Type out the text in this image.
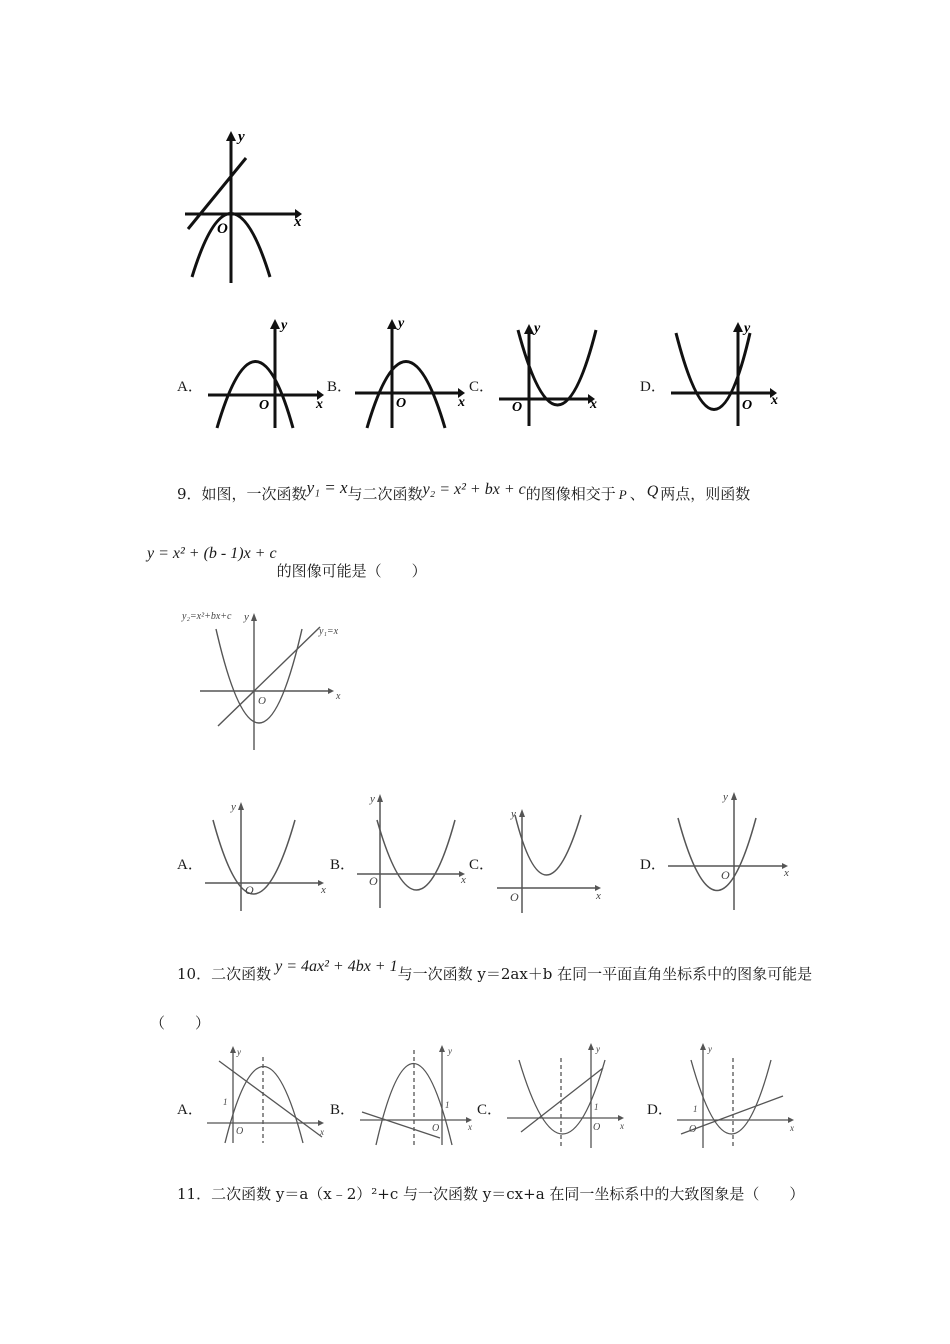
x
y
O
A．
x
y
O
B．
x
y
O
C．
x
y
O
D．
x
y
O
9．如图，一次函数y₁ = x与二次函数y₂ = x² + bx + c的图像相交于 P 、 Q 两点，则函数
y = x² + (b - 1)x + c的图像可能是（　　）
y₂=x²+bx+c
y₁=x
y
x
O
A．
x
y
O
B．
x
y
O
C．
x
y
O
D．	x
y
O
10．二次函数 y = 4ax² + 4bx + 1与一次函数 y＝2ax＋b 在同一平面直角坐标系中的图象可能是
（　　）
A．
x
y
O
1	B．
x
y
O
1 C．
x
y
O
1	D．
x
y
O
1
11．二次函数 y＝a（x﹣2）²+c 与一次函数 y＝cx+a 在同一坐标系中的大致图象是（　　）
